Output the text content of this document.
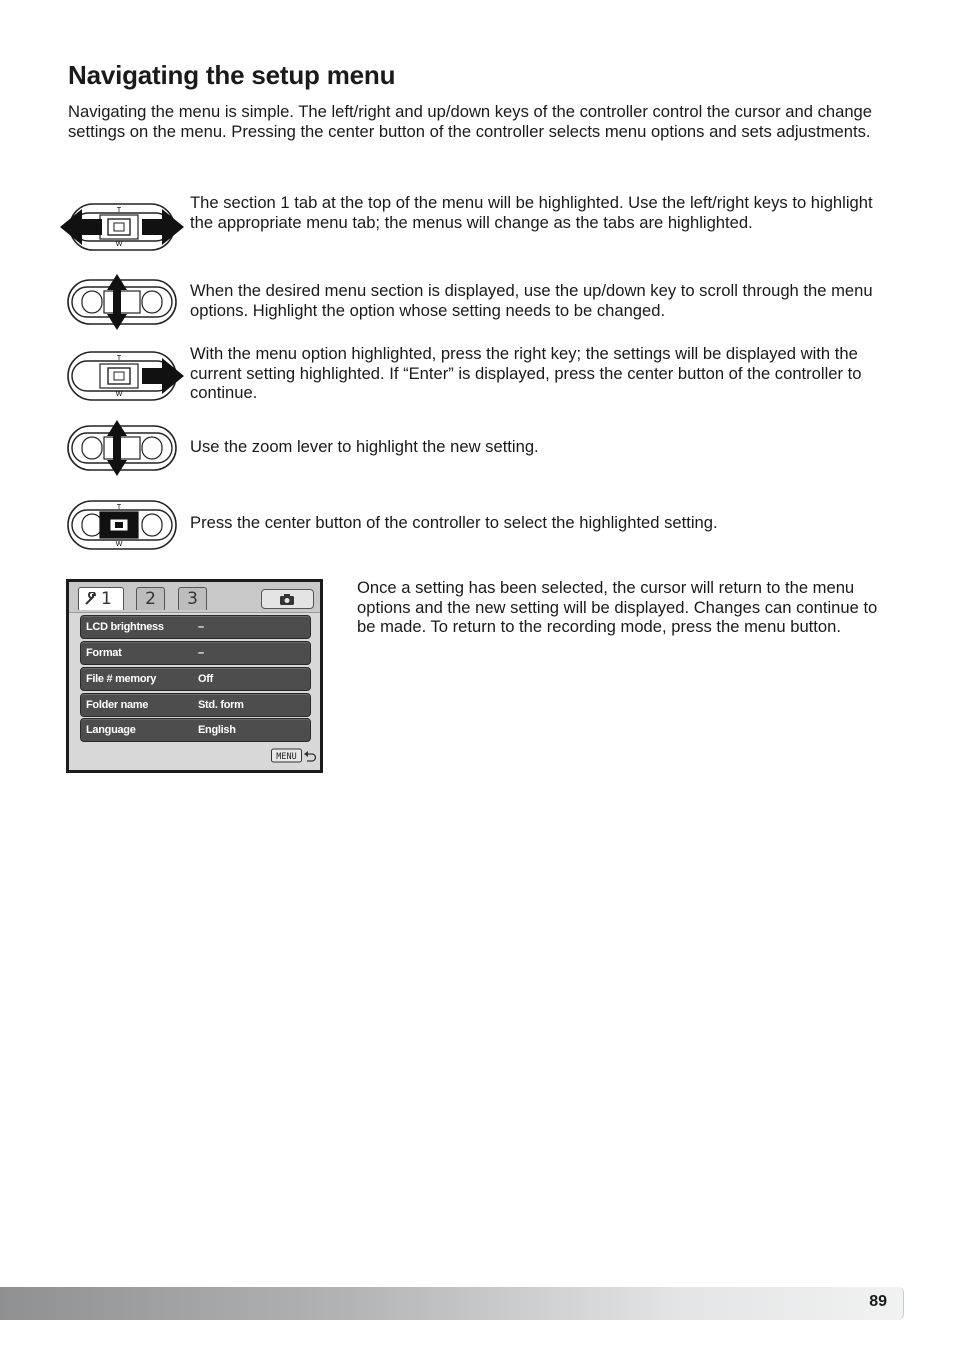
Navigating the setup menu
Navigating the menu is simple. The left/right and up/down keys of the controller control the cursor and change settings on the menu. Pressing the center button of the controller selects menu options and sets adjustments.
T
W
The section 1 tab at the top of the menu will be highlighted. Use the left/right keys to highlight the appropriate menu tab; the menus will change as the tabs are highlighted.
When the desired menu section is displayed, use the up/down key to scroll through the menu options. Highlight the option whose setting needs to be changed.
T
W
With the menu option highlighted, press the right key; the settings will be displayed with the current setting highlighted. If “Enter” is displayed, press the center button of the controller to continue.
Use the zoom lever to highlight the new setting.
T
W
Press the center button of the controller to select the highlighted setting.
1	2	3
LCD brightness	–
Format	–
File # memory	Off
Folder name	Std. form
Language	English
MENU
Once a setting has been selected, the cursor will return to the menu options and the new setting will be displayed. Changes can continue to be made. To return to the recording mode, press the menu button.
89
